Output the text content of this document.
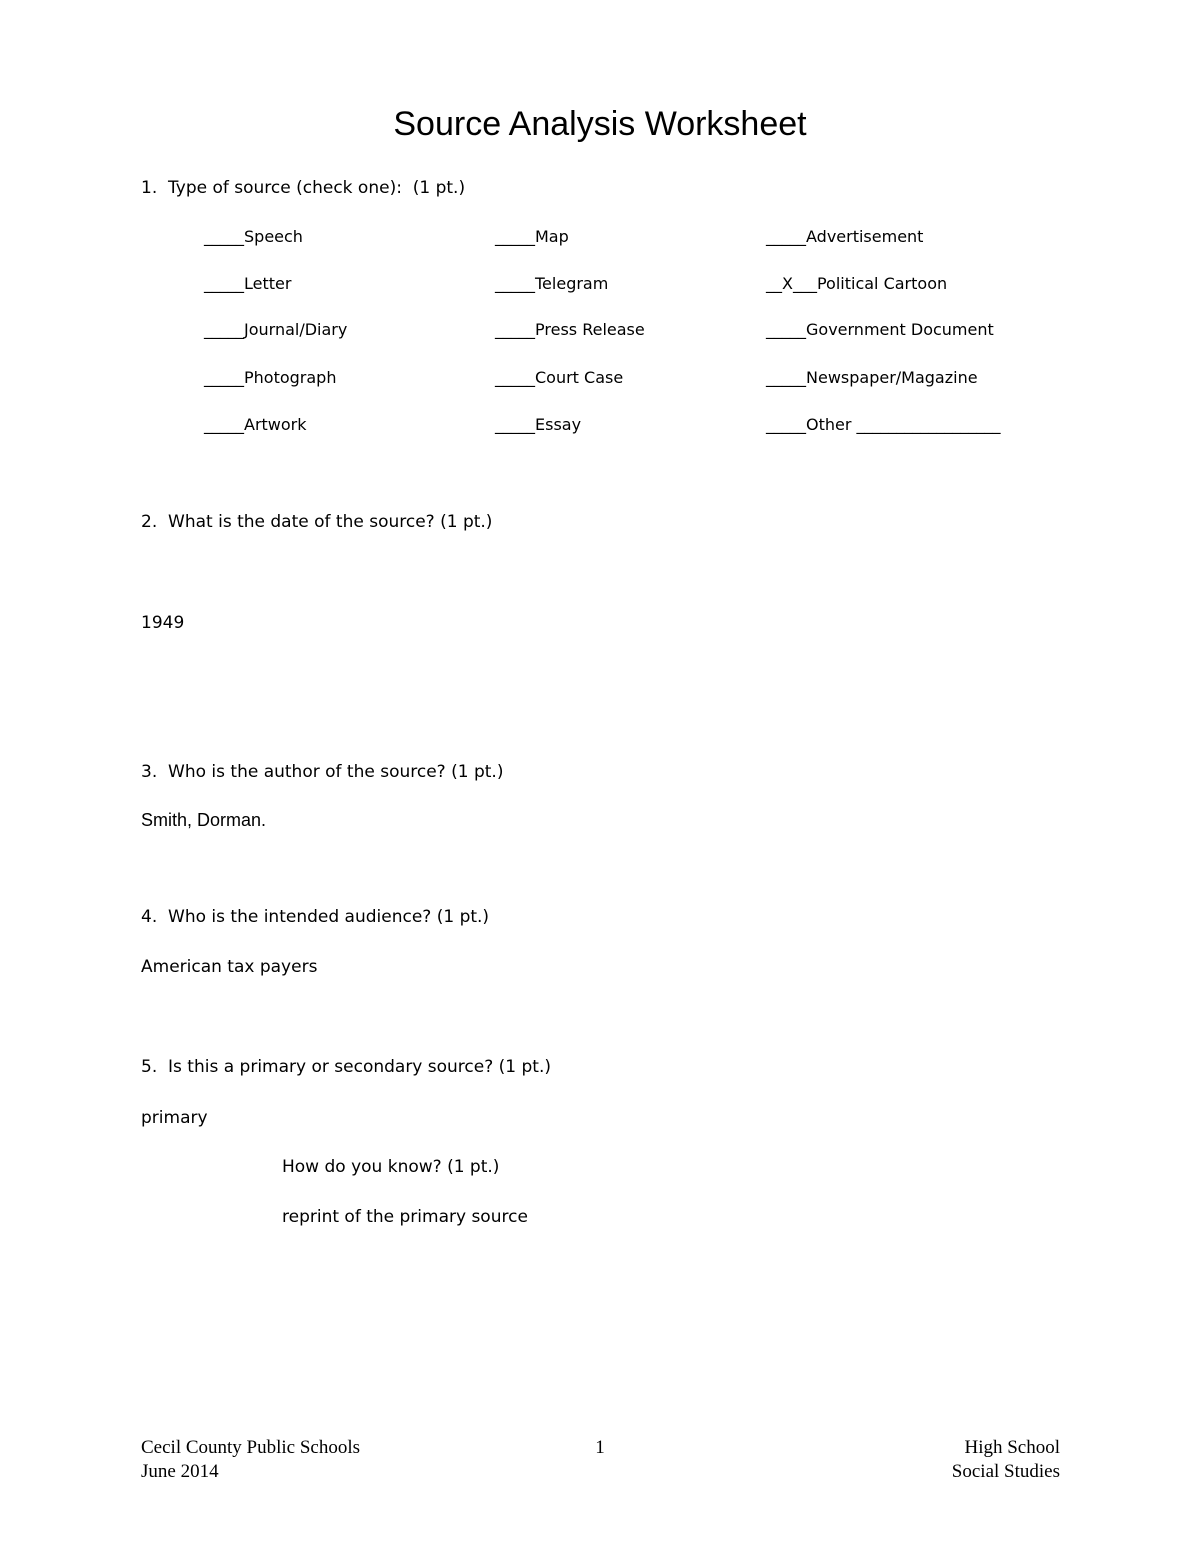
Source Analysis Worksheet
1.  Type of source (check one):  (1 pt.)
_____Speech	_____Map	_____Advertisement
_____Letter	_____Telegram	__X___Political Cartoon
_____Journal/Diary	_____Press Release	_____Government Document
_____Photograph	_____Court Case	_____Newspaper/Magazine
_____Artwork	_____Essay	_____Other __________________
2.  What is the date of the source? (1 pt.)
1949
3.  Who is the author of the source? (1 pt.)
Smith, Dorman.
4.  Who is the intended audience? (1 pt.)
American tax payers
5.  Is this a primary or secondary source? (1 pt.)
primary
How do you know? (1 pt.)
reprint of the primary source
Cecil County Public Schools
June 2014
1	High School
Social Studies
